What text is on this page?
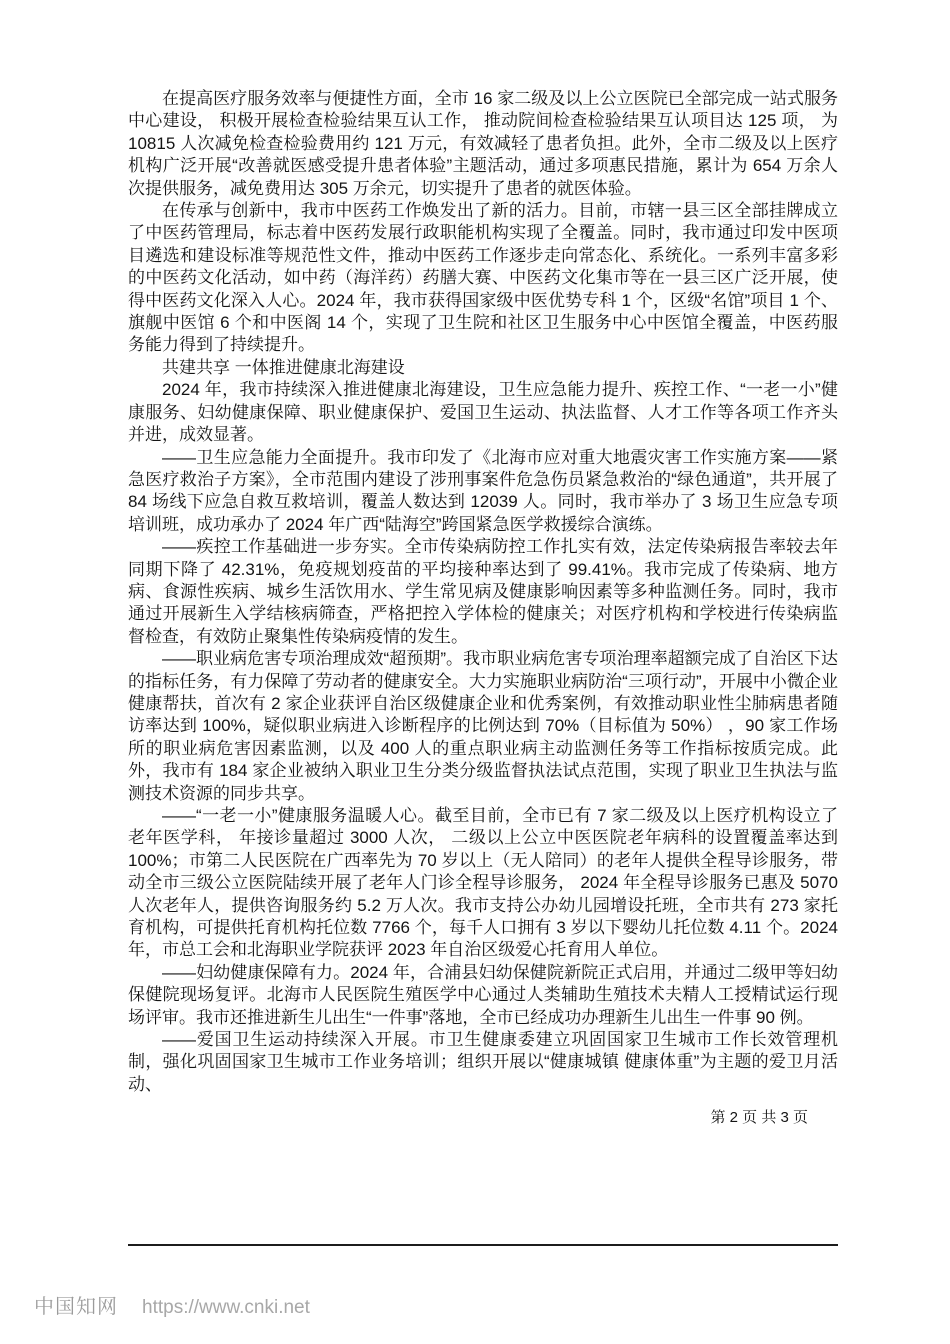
在提高医疗服务效率与便捷性方面，全市 16 家二级及以上公立医院已全部完成一站式服务中心建设， 积极开展检查检验结果互认工作， 推动院间检查检验结果互认项目达 125 项， 为 10815 人次减免检查检验费用约 121 万元，有效减轻了患者负担。此外，全市二级及以上医疗机构广泛开展“改善就医感受提升患者体验”主题活动，通过多项惠民措施，累计为 654 万余人次提供服务，减免费用达 305 万余元，切实提升了患者的就医体验。

在传承与创新中，我市中医药工作焕发出了新的活力。目前，市辖一县三区全部挂牌成立了中医药管理局，标志着中医药发展行政职能机构实现了全覆盖。同时，我市通过印发中医项目遴选和建设标准等规范性文件，推动中医药工作逐步走向常态化、系统化。一系列丰富多彩的中医药文化活动，如中药（海洋药）药膳大赛、中医药文化集市等在一县三区广泛开展，使得中医药文化深入人心。2024 年，我市获得国家级中医优势专科 1 个，区级“名馆”项目 1 个、旗舰中医馆 6 个和中医阁 14 个，实现了卫生院和社区卫生服务中心中医馆全覆盖，中医药服务能力得到了持续提升。

共建共享 一体推进健康北海建设

2024 年，我市持续深入推进健康北海建设，卫生应急能力提升、疾控工作、“一老一小”健康服务、妇幼健康保障、职业健康保护、爱国卫生运动、执法监督、人才工作等各项工作齐头并进，成效显著。

——卫生应急能力全面提升。我市印发了《北海市应对重大地震灾害工作实施方案——紧急医疗救治子方案》，全市范围内建设了涉刑事案件危急伤员紧急救治的“绿色通道”，共开展了 84 场线下应急自救互救培训，覆盖人数达到 12039 人。同时，我市举办了 3 场卫生应急专项培训班，成功承办了 2024 年广西“陆海空”跨国紧急医学救援综合演练。

——疾控工作基础进一步夯实。全市传染病防控工作扎实有效，法定传染病报告率较去年同期下降了 42.31%，免疫规划疫苗的平均接种率达到了 99.41%。我市完成了传染病、地方病、食源性疾病、城乡生活饮用水、学生常见病及健康影响因素等多种监测任务。同时，我市通过开展新生入学结核病筛查，严格把控入学体检的健康关；对医疗机构和学校进行传染病监督检查，有效防止聚集性传染病疫情的发生。

——职业病危害专项治理成效“超预期”。我市职业病危害专项治理率超额完成了自治区下达的指标任务，有力保障了劳动者的健康安全。大力实施职业病防治“三项行动”，开展中小微企业健康帮扶，首次有 2 家企业获评自治区级健康企业和优秀案例，有效推动职业性尘肺病患者随访率达到 100%，疑似职业病进入诊断程序的比例达到 70%（目标值为 50%） ，90 家工作场所的职业病危害因素监测，以及 400 人的重点职业病主动监测任务等工作指标按质完成。此外，我市有 184 家企业被纳入职业卫生分类分级监督执法试点范围，实现了职业卫生执法与监测技术资源的同步共享。

——“一老一小”健康服务温暖人心。截至目前，全市已有 7 家二级及以上医疗机构设立了老年医学科， 年接诊量超过 3000 人次， 二级以上公立中医医院老年病科的设置覆盖率达到 100%；市第二人民医院在广西率先为 70 岁以上（无人陪同）的老年人提供全程导诊服务，带动全市三级公立医院陆续开展了老年人门诊全程导诊服务， 2024 年全程导诊服务已惠及 5070 人次老年人，提供咨询服务约 5.2 万人次。我市支持公办幼儿园增设托班，全市共有 273 家托育机构，可提供托育机构托位数 7766 个，每千人口拥有 3 岁以下婴幼儿托位数 4.11 个。2024 年，市总工会和北海职业学院获评 2023 年自治区级爱心托育用人单位。

——妇幼健康保障有力。2024 年，合浦县妇幼保健院新院正式启用，并通过二级甲等妇幼保健院现场复评。北海市人民医院生殖医学中心通过人类辅助生殖技术夫精人工授精试运行现场评审。我市还推进新生儿出生“一件事”落地，全市已经成功办理新生儿出生一件事 90 例。

——爱国卫生运动持续深入开展。市卫生健康委建立巩固国家卫生城市工作长效管理机制，强化巩固国家卫生城市工作业务培训；组织开展以“健康城镇 健康体重”为主题的爱卫月活动、

第 2 页 共 3 页
中国知网 https://www.cnki.net
